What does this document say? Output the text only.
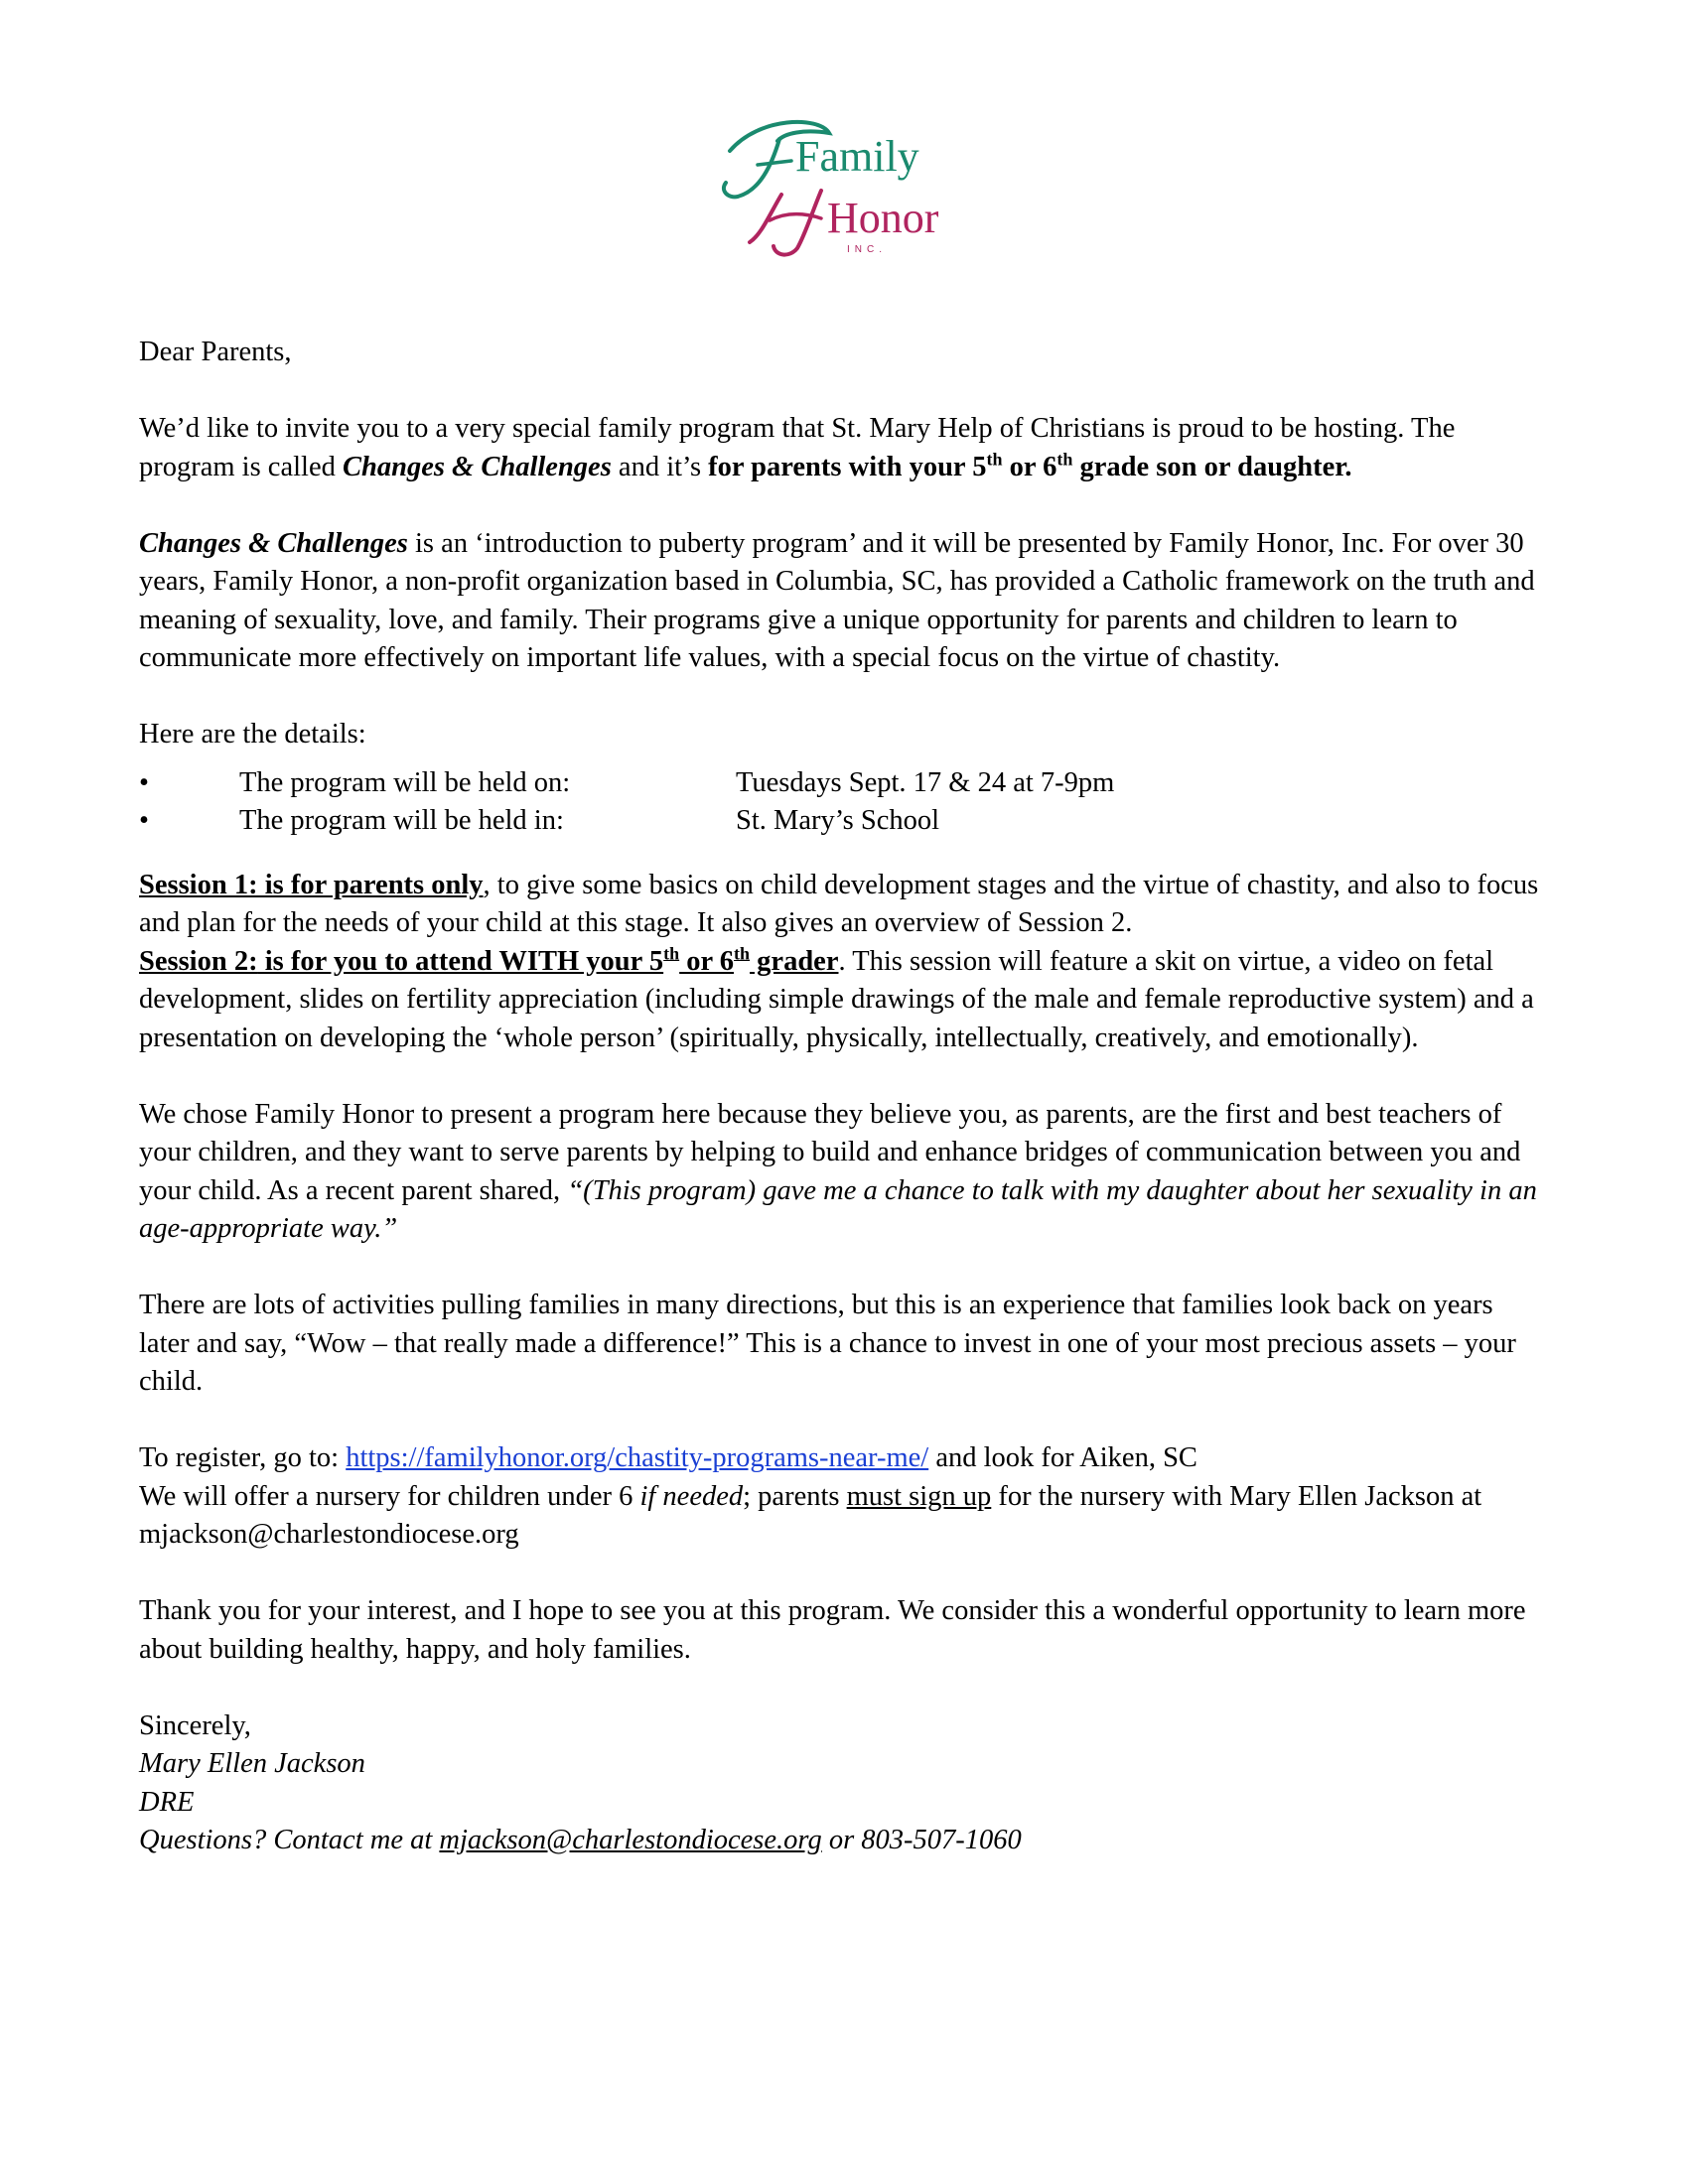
Family
Honor
INC.

Dear Parents,

We’d like to invite you to a very special family program that St. Mary Help of Christians is proud to be hosting. The program is called Changes & Challenges and it’s for parents with your 5th or 6th grade son or daughter.

Changes & Challenges is an ‘introduction to puberty program’ and it will be presented by Family Honor, Inc. For over 30 years, Family Honor, a non-profit organization based in Columbia, SC, has provided a Catholic framework on the truth and meaning of sexuality, love, and family. Their programs give a unique opportunity for parents and children to learn to communicate more effectively on important life values, with a special focus on the virtue of chastity.

Here are the details:

•	The program will be held on:	Tuesdays Sept. 17 & 24 at 7-9pm
•	The program will be held in:	St. Mary’s School

Session 1: is for parents only, to give some basics on child development stages and the virtue of chastity, and also to focus and plan for the needs of your child at this stage. It also gives an overview of Session 2.

Session 2: is for you to attend WITH your 5th or 6th grader. This session will feature a skit on virtue, a video on fetal development, slides on fertility appreciation (including simple drawings of the male and female reproductive system) and a presentation on developing the ‘whole person’ (spiritually, physically, intellectually, creatively, and emotionally).

We chose Family Honor to present a program here because they believe you, as parents, are the first and best teachers of your children, and they want to serve parents by helping to build and enhance bridges of communication between you and your child. As a recent parent shared, “(This program) gave me a chance to talk with my daughter about her sexuality in an age-appropriate way.”

There are lots of activities pulling families in many directions, but this is an experience that families look back on years later and say, “Wow – that really made a difference!” This is a chance to invest in one of your most precious assets – your child.

To register, go to: https://familyhonor.org/chastity-programs-near-me/ and look for Aiken, SC

We will offer a nursery for children under 6 if needed; parents must sign up for the nursery with Mary Ellen Jackson at mjackson@charlestondiocese.org

Thank you for your interest, and I hope to see you at this program. We consider this a wonderful opportunity to learn more about building healthy, happy, and holy families.

Sincerely,

Mary Ellen Jackson

DRE

Questions? Contact me at mjackson@charlestondiocese.org or 803-507-1060
